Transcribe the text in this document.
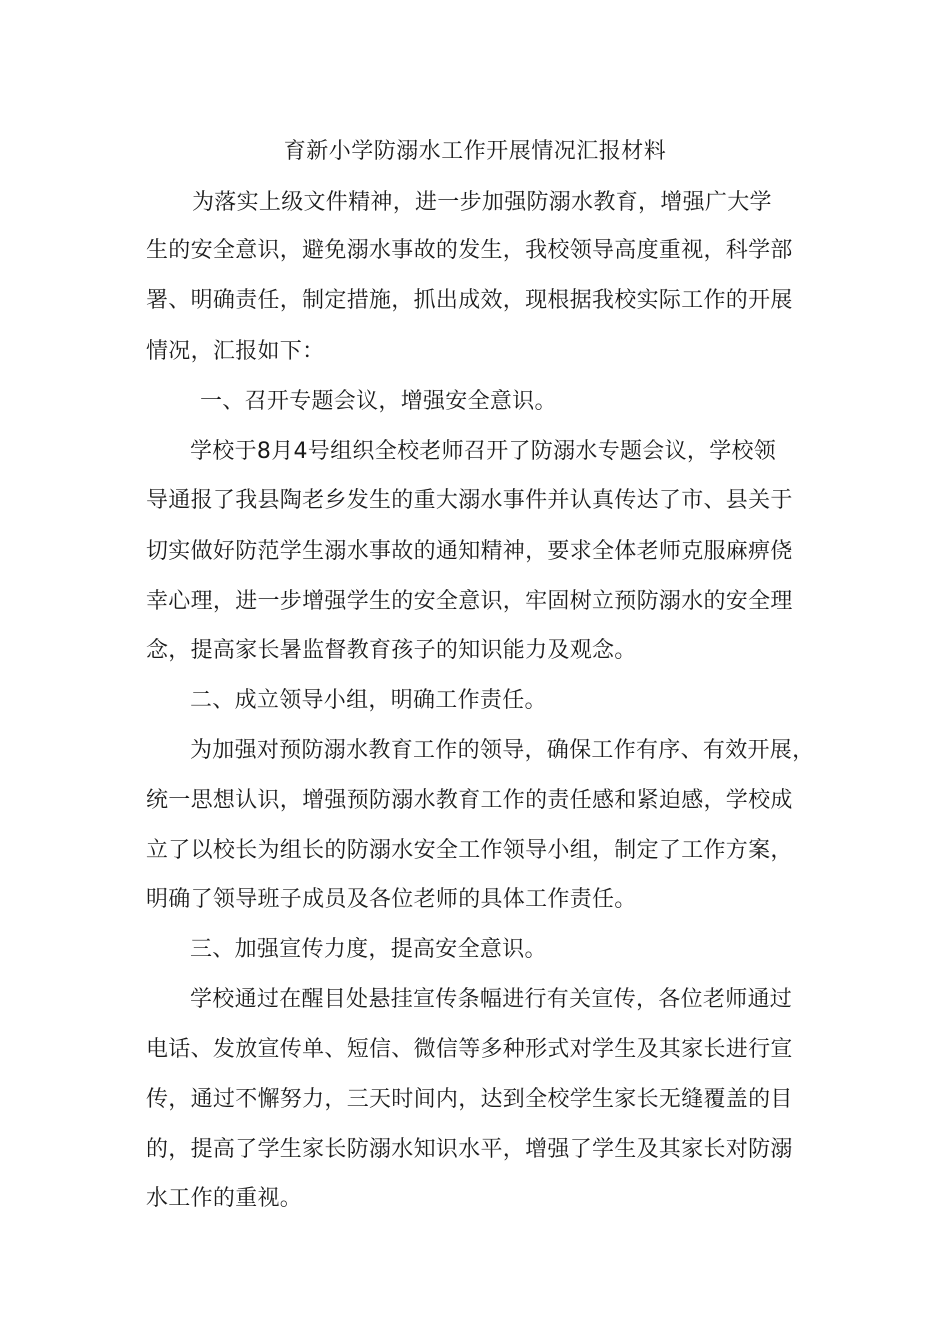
育新小学防溺水工作开展情况汇报材料
为落实上级文件精神，进一步加强防溺水教育，增强广大学
生的安全意识，避免溺水事故的发生，我校领导高度重视，科学部
署、明确责任，制定措施，抓出成效，现根据我校实际工作的开展
情况，汇报如下：
一、召开专题会议，增强安全意识。
学校于8月4号组织全校老师召开了防溺水专题会议，学校领
导通报了我县陶老乡发生的重大溺水事件并认真传达了市、县关于
切实做好防范学生溺水事故的通知精神，要求全体老师克服麻痹侥
幸心理，进一步增强学生的安全意识，牢固树立预防溺水的安全理
念，提高家长暑监督教育孩子的知识能力及观念。
二、成立领导小组，明确工作责任。
为加强对预防溺水教育工作的领导，确保工作有序、有效开展，
统一思想认识，增强预防溺水教育工作的责任感和紧迫感，学校成
立了以校长为组长的防溺水安全工作领导小组，制定了工作方案，
明确了领导班子成员及各位老师的具体工作责任。
三、加强宣传力度，提高安全意识。
学校通过在醒目处悬挂宣传条幅进行有关宣传，各位老师通过
电话、发放宣传单、短信、微信等多种形式对学生及其家长进行宣
传，通过不懈努力，三天时间内，达到全校学生家长无缝覆盖的目
的，提高了学生家长防溺水知识水平，增强了学生及其家长对防溺
水工作的重视。
